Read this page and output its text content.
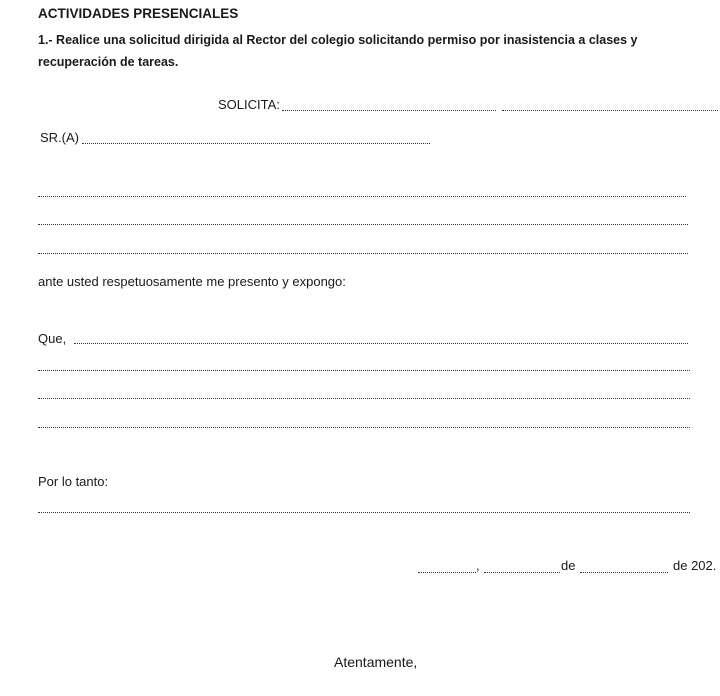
ACTIVIDADES PRESENCIALES
1.- Realice una solicitud dirigida al Rector del colegio solicitando permiso por inasistencia a clases y
recuperación de tareas.
SOLICITA:
SR.(A)
ante usted respetuosamente me presento y expongo:
Que,
Por lo tanto:
,	de	de 202.
Atentamente,
